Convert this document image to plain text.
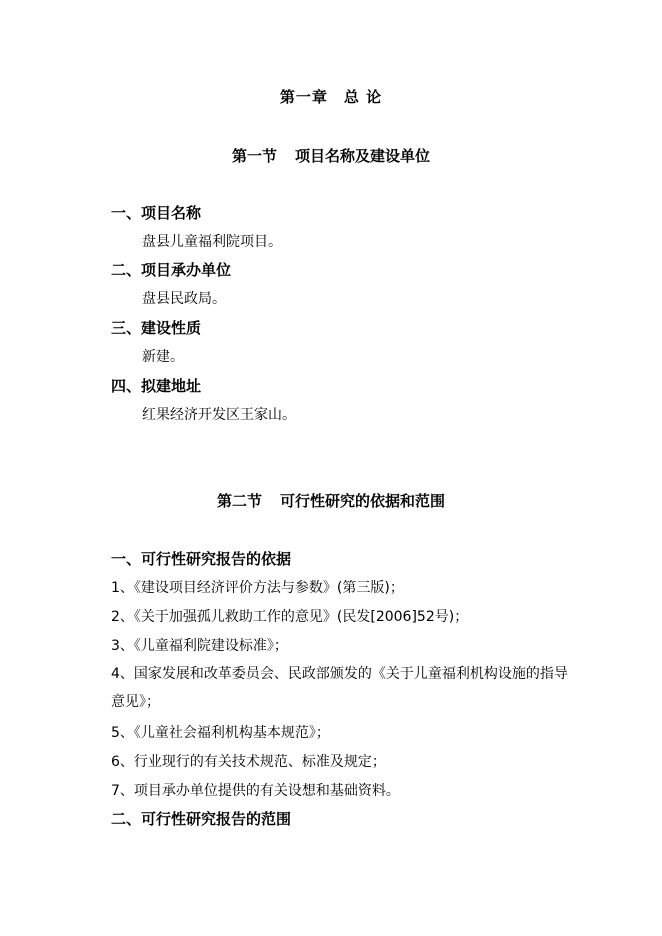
第一章　总 论
第一节 项目名称及建设单位
一、项目名称
盘县儿童福利院项目。
二、项目承办单位
盘县民政局。
三、建设性质
新建。
四、拟建地址
红果经济开发区王家山。
第二节 可行性研究的依据和范围
一、可行性研究报告的依据
1、《建设项目经济评价方法与参数》(第三版)；
2、《关于加强孤儿救助工作的意见》(民发[2006]52号)；
3、《儿童福利院建设标准》；
4、国家发展和改革委员会、民政部颁发的《关于儿童福利机构设施的指导意见》；
5、《儿童社会福利机构基本规范》；
6、行业现行的有关技术规范、标准及规定；
7、项目承办单位提供的有关设想和基础资料。
二、可行性研究报告的范围
